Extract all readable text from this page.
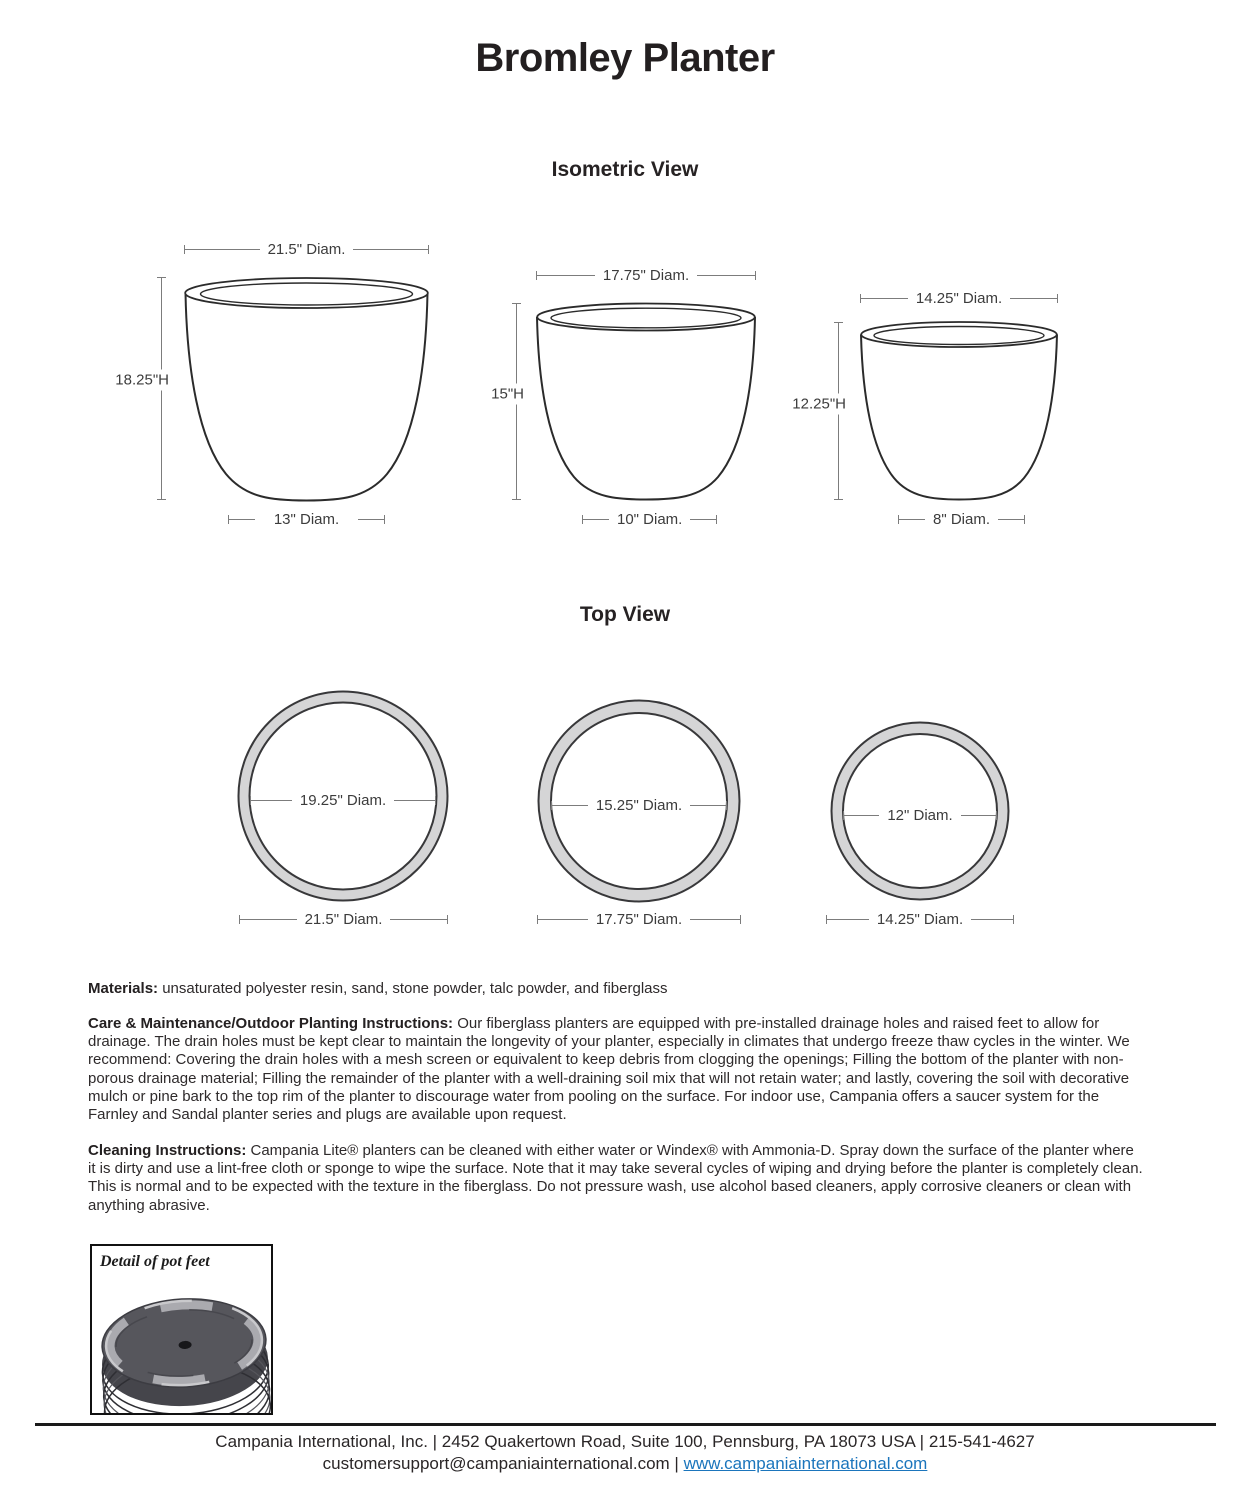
Bromley Planter
Isometric View
21.5" Diam.
18.25"H
13" Diam.
17.75" Diam.
15"H
10" Diam.
14.25" Diam.
12.25"H
8" Diam.
Top View
19.25" Diam.
21.5" Diam.
15.25" Diam.
17.75" Diam.
12" Diam.
14.25" Diam.
Materials: unsaturated polyester resin, sand, stone powder, talc powder, and fiberglass
Care & Maintenance/Outdoor Planting Instructions: Our fiberglass planters are equipped with pre-installed drainage holes and raised feet to allow for drainage. The drain holes must be kept clear to maintain the longevity of your planter, especially in climates that undergo freeze thaw cycles in the winter. We recommend: Covering the drain holes with a mesh screen or equivalent to keep debris from clogging the openings; Filling the bottom of the planter with non-porous drainage material; Filling the remainder of the planter with a well-draining soil mix that will not retain water; and lastly, covering the soil with decorative mulch or pine bark to the top rim of the planter to discourage water from pooling on the surface. For indoor use, Campania offers a saucer system for the Farnley and Sandal planter series and plugs are available upon request.
Cleaning Instructions: Campania Lite® planters can be cleaned with either water or Windex® with Ammonia-D. Spray down the surface of the planter where it is dirty and use a lint-free cloth or sponge to wipe the surface. Note that it may take several cycles of wiping and drying before the planter is completely clean. This is normal and to be expected with the texture in the fiberglass. Do not pressure wash, use alcohol based cleaners, apply corrosive cleaners or clean with anything abrasive.
Detail of pot feet
Campania International, Inc. | 2452 Quakertown Road, Suite 100, Pennsburg, PA 18073 USA | 215-541-4627
customersupport@campaniainternational.com | www.campaniainternational.com
